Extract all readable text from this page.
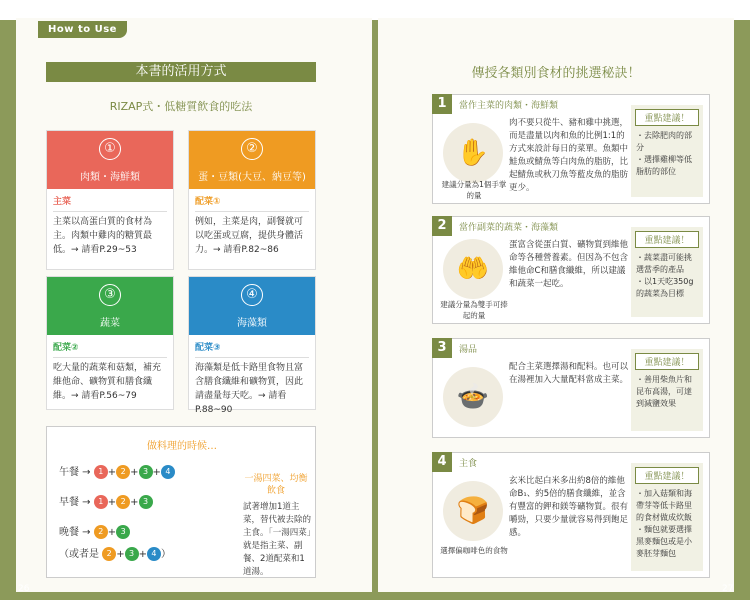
How to Use
本書的活用方式
RIZAP式・低糖質飲食的吃法
①
肉類・海鮮類
主菜
主菜以高蛋白質的食材為主。肉類中雞肉的糖質最低。→ 請看P.29~53
②
蛋・豆類(大豆、納豆等)
配菜①
例如，主菜是肉，副餐就可以吃蛋或豆腐，提供身體活力。→ 請看P.82~86
③
蔬菜
配菜②
吃大量的蔬菜和菇類，補充維他命、礦物質和膳食纖維。→ 請看P.56~79
④
海藻類
配菜③
海藻類是低卡路里食物且富含膳食纖維和礦物質，因此請盡量每天吃。→ 請看P.88~90
做料理的時候…
午餐 → 1 + 2 + 3 + 4
早餐 → 1 + 2 + 3
晚餐 → 2 + 3
（或者是 2 + 3 + 4 ）
一湯四菜、均衡飲食
試著增加1道主菜，替代被去除的主食。「一湯四菜」就是指主菜、副餐、2道配菜和1道湯。
26
傳授各類別食材的挑選秘訣！
1	當作主菜的肉類・海鮮類
✋
建議分量為1個手掌的量
肉不要只從牛、豬和雞中挑選，而是盡量以肉和魚的比例1:1的方式來設計每日的菜單。魚類中鮭魚或鯖魚等白肉魚的脂肪，比起鯖魚或秋刀魚等藍皮魚的脂肪更少。
重點建議！
・去除肥肉的部分
・選擇雞柳等低脂肪的部位
2	當作副菜的蔬菜・海藻類
🤲
建議分量為雙手可捧起的量
蛋富含從蛋白質、礦物質到維他命等各種營養素。但因為不包含維他命C和膳食纖維，所以建議和蔬菜一起吃。
重點建議！
・蔬菜盡可能挑選當季的產品
・以1天吃350g的蔬菜為目標
3	湯品
🍲
配合主菜選擇湯和配料。也可以在湯裡加入大量配料當成主菜。
重點建議！
・善用柴魚片和昆布高湯，可達到減鹽效果
4	主食
🍞
選擇偏咖啡色的食物
玄米比起白米多出約8倍的維他命B₁、約5倍的膳食纖維，並含有豐富的鉀和鎂等礦物質。很有嚼勁，只要少量就容易得到飽足感。
重點建議！
・加入菇類和海帶芽等低卡路里的食材做成炊飯
・麵包就要選擇黑麥麵包或是小麥胚芽麵包
27
